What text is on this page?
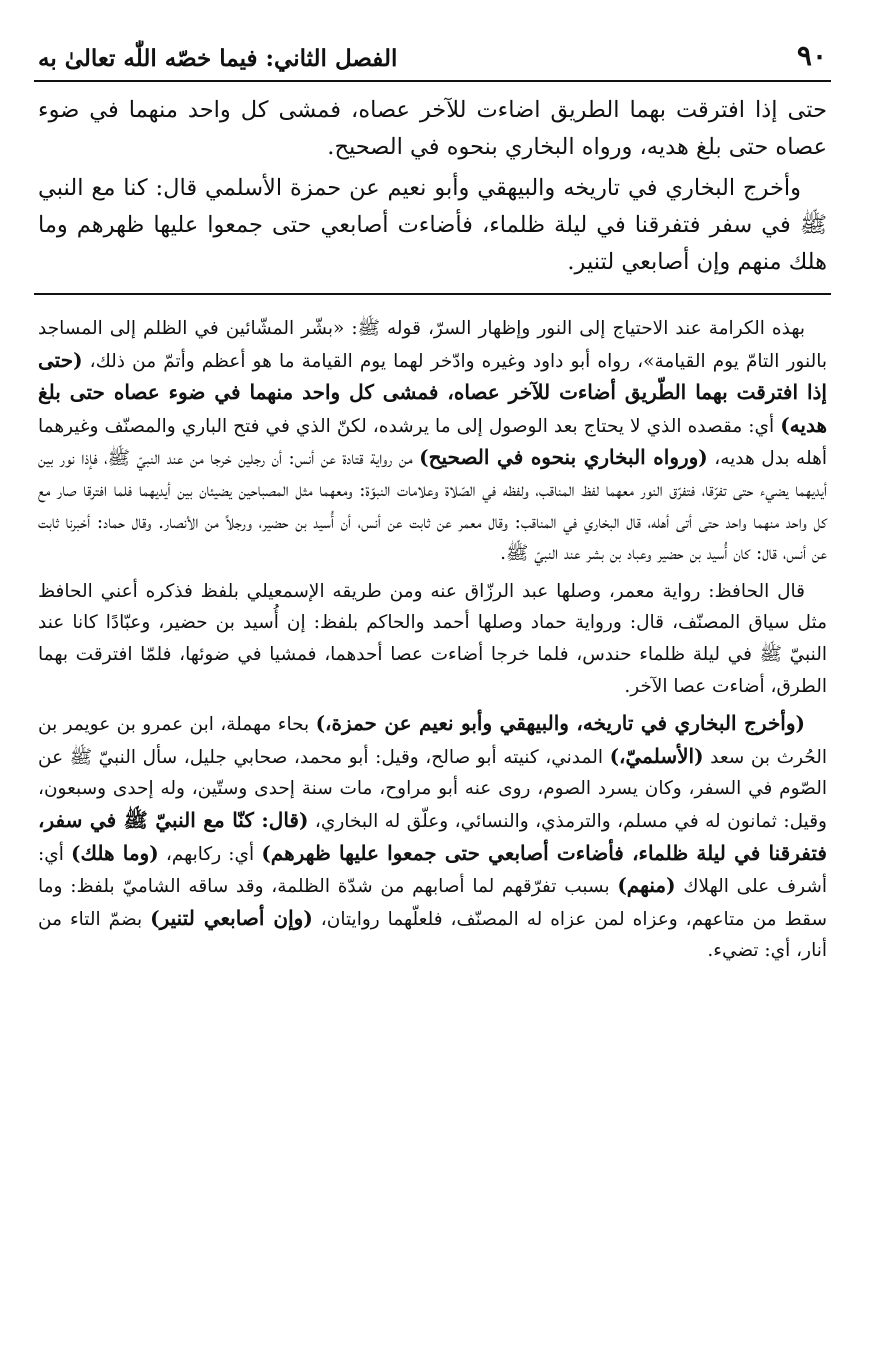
٩٠
الفصل الثاني: فيما خصّه اللّٰه تعالىٰ به

حتى إذا افترقت بهما الطريق اضاءت للآخر عصاه، فمشى كل واحد منهما في ضوء عصاه حتى بلغ هديه، ورواه البخاري بنحوه في الصحيح.

وأخرج البخاري في تاريخه والبيهقي وأبو نعيم عن حمزة الأسلمي قال: كنا مع النبي ﷺ في سفر فتفرقنا في ليلة ظلماء، فأضاءت أصابعي حتى جمعوا عليها ظهرهم وما هلك منهم وإن أصابعي لتنير.

بهذه الكرامة عند الاحتياج إلى النور وإظهار السرّ، قوله ﷺ: «بشّر المشّائين في الظلم إلى المساجد بالنور التامّ يوم القيامة»، رواه أبو داود وغيره وادّخر لهما يوم القيامة ما هو أعظم وأتمّ من ذلك، (حتى إذا افترقت بهما الطّريق أضاءت للآخر عصاه، فمشى كل واحد منهما في ضوء عصاه حتى بلغ هديه) أي: مقصده الذي لا يحتاج بعد الوصول إلى ما يرشده، لكنّ الذي في فتح الباري والمصنّف وغيرهما أهله بدل هديه، (ورواه البخاري بنحوه في الصحيح) من رواية قتادة عن أنس: أن رجلين خرجا من عند النبيّ ﷺ، فإذا نور بين أيديهما يضيء حتى تفرّقا، فتفرّق النور معهما لفظ المناقب، ولفظه في الصّلاة وعلامات النبوّة: ومعهما مثل المصباحين يضيئان بين أيديهما فلما افترقا صار مع كل واحد منهما واحد حتى أتى أهله، قال البخاري في المناقب: وقال معمر عن ثابت عن أنس، أن أُسيد بن حضير، ورجلاً من الأنصار. وقال حماد: أخبرنا ثابت عن أنس، قال: كان أُسيد بن حضير وعباد بن بشر عند النبيّ ﷺ.

قال الحافظ: رواية معمر، وصلها عبد الرزّاق عنه ومن طريقه الإسمعيلي بلفظ فذكره أعني الحافظ مثل سياق المصنّف، قال: ورواية حماد وصلها أحمد والحاكم بلفظ: إن أُسيد بن حضير، وعبّادًا كانا عند النبيّ ﷺ في ليلة ظلماء حندس، فلما خرجا أضاءت عصا أحدهما، فمشيا في ضوئها، فلمّا افترقت بهما الطرق، أضاءت عصا الآخر.

(وأخرج البخاري في تاريخه، والبيهقي وأبو نعيم عن حمزة،) بحاء مهملة، ابن عمرو بن عويمر بن الحُرث بن سعد (الأسلميّ،) المدني، كنيته أبو صالح، وقيل: أبو محمد، صحابي جليل، سأل النبيّ ﷺ عن الصّوم في السفر، وكان يسرد الصوم، روى عنه أبو مراوح، مات سنة إحدى وستّين، وله إحدى وسبعون، وقيل: ثمانون له في مسلم، والترمذي، والنسائي، وعلّق له البخاري، (قال: كنّا مع النبيّ ﷺ في سفر، فتفرقنا في ليلة ظلماء، فأضاءت أصابعي حتى جمعوا عليها ظهرهم) أي: ركابهم، (وما هلك) أي: أشرف على الهلاك (منهم) بسبب تفرّقهم لما أصابهم من شدّة الظلمة، وقد ساقه الشاميّ بلفظ: وما سقط من متاعهم، وعزاه لمن عزاه له المصنّف، فلعلّهما روايتان، (وإن أصابعي لتنير) بضمّ التاء من أنار، أي: تضيء.
